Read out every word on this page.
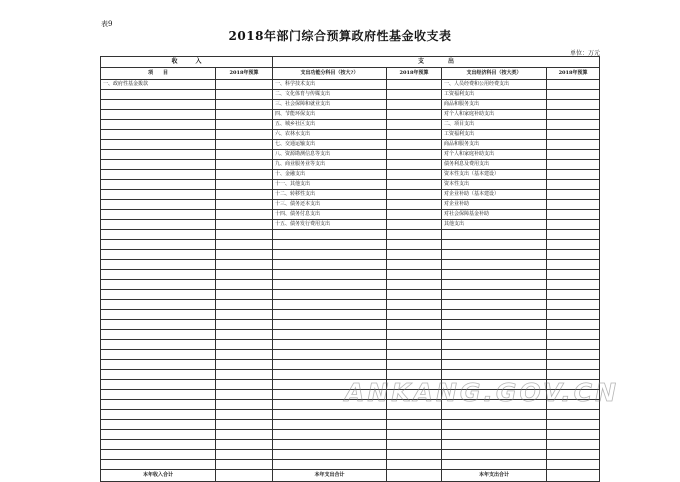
表9
2018年部门综合预算政府性基金收支表
单位：万元
收　　　入		支　　　　出			
项　　目	2018年预算	支出功能分科目（按大?）	2018年预算	支出经济科目（按大类）	2018年预算
一、政府性基金拨款		一、科学技术支出		一、人员经费和公用经费支出	
		二、文化体育与传媒支出		工资福利支出	
		三、社会保障和就业支出		商品和服务支出	
		四、节能环保支出		对个人和家庭补助支出	
		五、城乡社区支出		二、项目支出	
		六、农林水支出		工资福利支出	
		七、交通运输支出		商品和服务支出	
		八、资源勘测信息等支出		对个人和家庭补助支出	
		九、商业服务业等支出		债务利息及费用支出	
		十、金融支出		资本性支出（基本建设）	
		十一、其他支出		资本性支出	
		十二、转移性支出		对企业补助（基本建设）	
		十三、债务还本支出		对企业补助	
		十四、债务付息支出		对社会保障基金补助	
		十五、债务发行费用支出		其他支出	

本年收入合计		本年支出合计		本年支出合计	
ANKANG.GOV.CN
